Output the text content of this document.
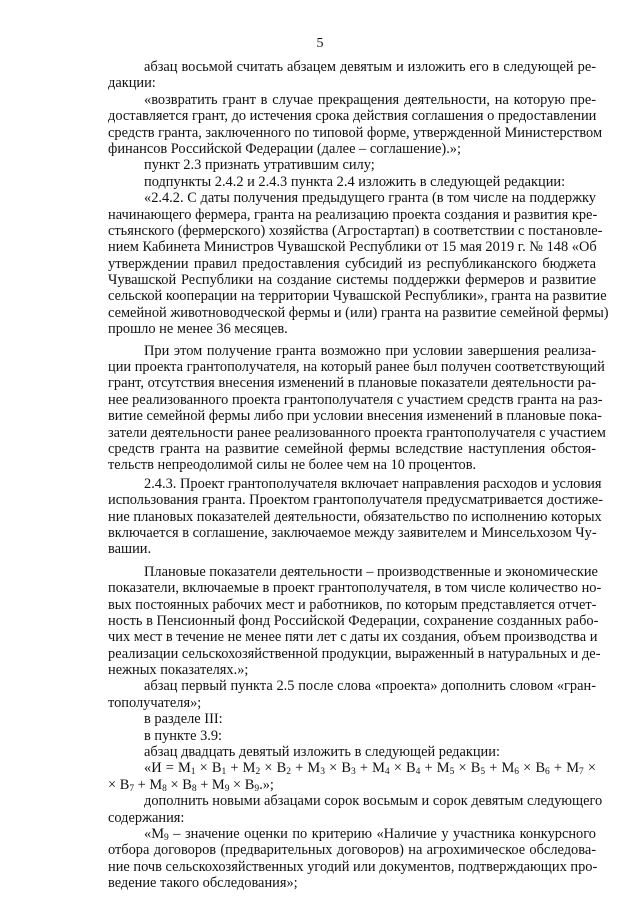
5
абзац восьмой считать абзацем девятым и изложить его в следующей ре-
дакции:
«возвратить грант в случае прекращения деятельности, на которую пре-
доставляется грант, до истечения срока действия соглашения о предоставлении
средств гранта, заключенного по типовой форме, утвержденной Министерством
финансов Российской Федерации (далее – соглашение).»;
пункт 2.3 признать утратившим силу;
подпункты 2.4.2 и 2.4.3 пункта 2.4 изложить в следующей редакции:
«2.4.2. С даты получения предыдущего гранта (в том числе на поддержку
начинающего фермера, гранта на реализацию проекта создания и развития кре-
стьянского (фермерского) хозяйства (Агростартап) в соответствии с постановле-
нием Кабинета Министров Чувашской Республики от 15 мая 2019 г. № 148 «Об
утверждении правил предоставления субсидий из республиканского бюджета
Чувашской Республики на создание системы поддержки фермеров и развитие
сельской кооперации на территории Чувашской Республики», гранта на развитие
семейной животноводческой фермы и (или) гранта на развитие семейной фермы)
прошло не менее 36 месяцев.
При этом получение гранта возможно при условии завершения реализа-
ции проекта грантополучателя, на который ранее был получен соответствующий
грант, отсутствия внесения изменений в плановые показатели деятельности ра-
нее реализованного проекта грантополучателя с участием средств гранта на раз-
витие семейной фермы либо при условии внесения изменений в плановые пока-
затели деятельности ранее реализованного проекта грантополучателя с участием
средств гранта на развитие семейной фермы вследствие наступления обстоя-
тельств непреодолимой силы не более чем на 10 процентов.
2.4.3. Проект грантополучателя включает направления расходов и условия
использования гранта. Проектом грантополучателя предусматривается достиже-
ние плановых показателей деятельности, обязательство по исполнению которых
включается в соглашение, заключаемое между заявителем и Минсельхозом Чу-
вашии.
Плановые показатели деятельности – производственные и экономические
показатели, включаемые в проект грантополучателя, в том числе количество но-
вых постоянных рабочих мест и работников, по которым представляется отчет-
ность в Пенсионный фонд Российской Федерации, сохранение созданных рабо-
чих мест в течение не менее пяти лет с даты их создания, объем производства и
реализации сельскохозяйственной продукции, выраженный в натуральных и де-
нежных показателях.»;
абзац первый пункта 2.5 после слова «проекта» дополнить словом «гран-
тополучателя»;
в разделе III:
в пункте 3.9:
абзац двадцать девятый изложить в следующей редакции:
«$И = М_1 \times В_1 + М_2 \times В_2 + М_3 \times В_3 + М_4 \times В_4 + М_5 \times В_5 + М_6 \times В_6 + М_7$ ×
× $В_7 + М_8 \times В_8 + М_9 \times В_9$.»;
дополнить новыми абзацами сорок восьмым и сорок девятым следующего
содержания:
«$М_9$ – значение оценки по критерию «Наличие у участника конкурсного
отбора договоров (предварительных договоров) на агрохимическое обследова-
ние почв сельскохозяйственных угодий или документов, подтверждающих про-
ведение такого обследования»;
